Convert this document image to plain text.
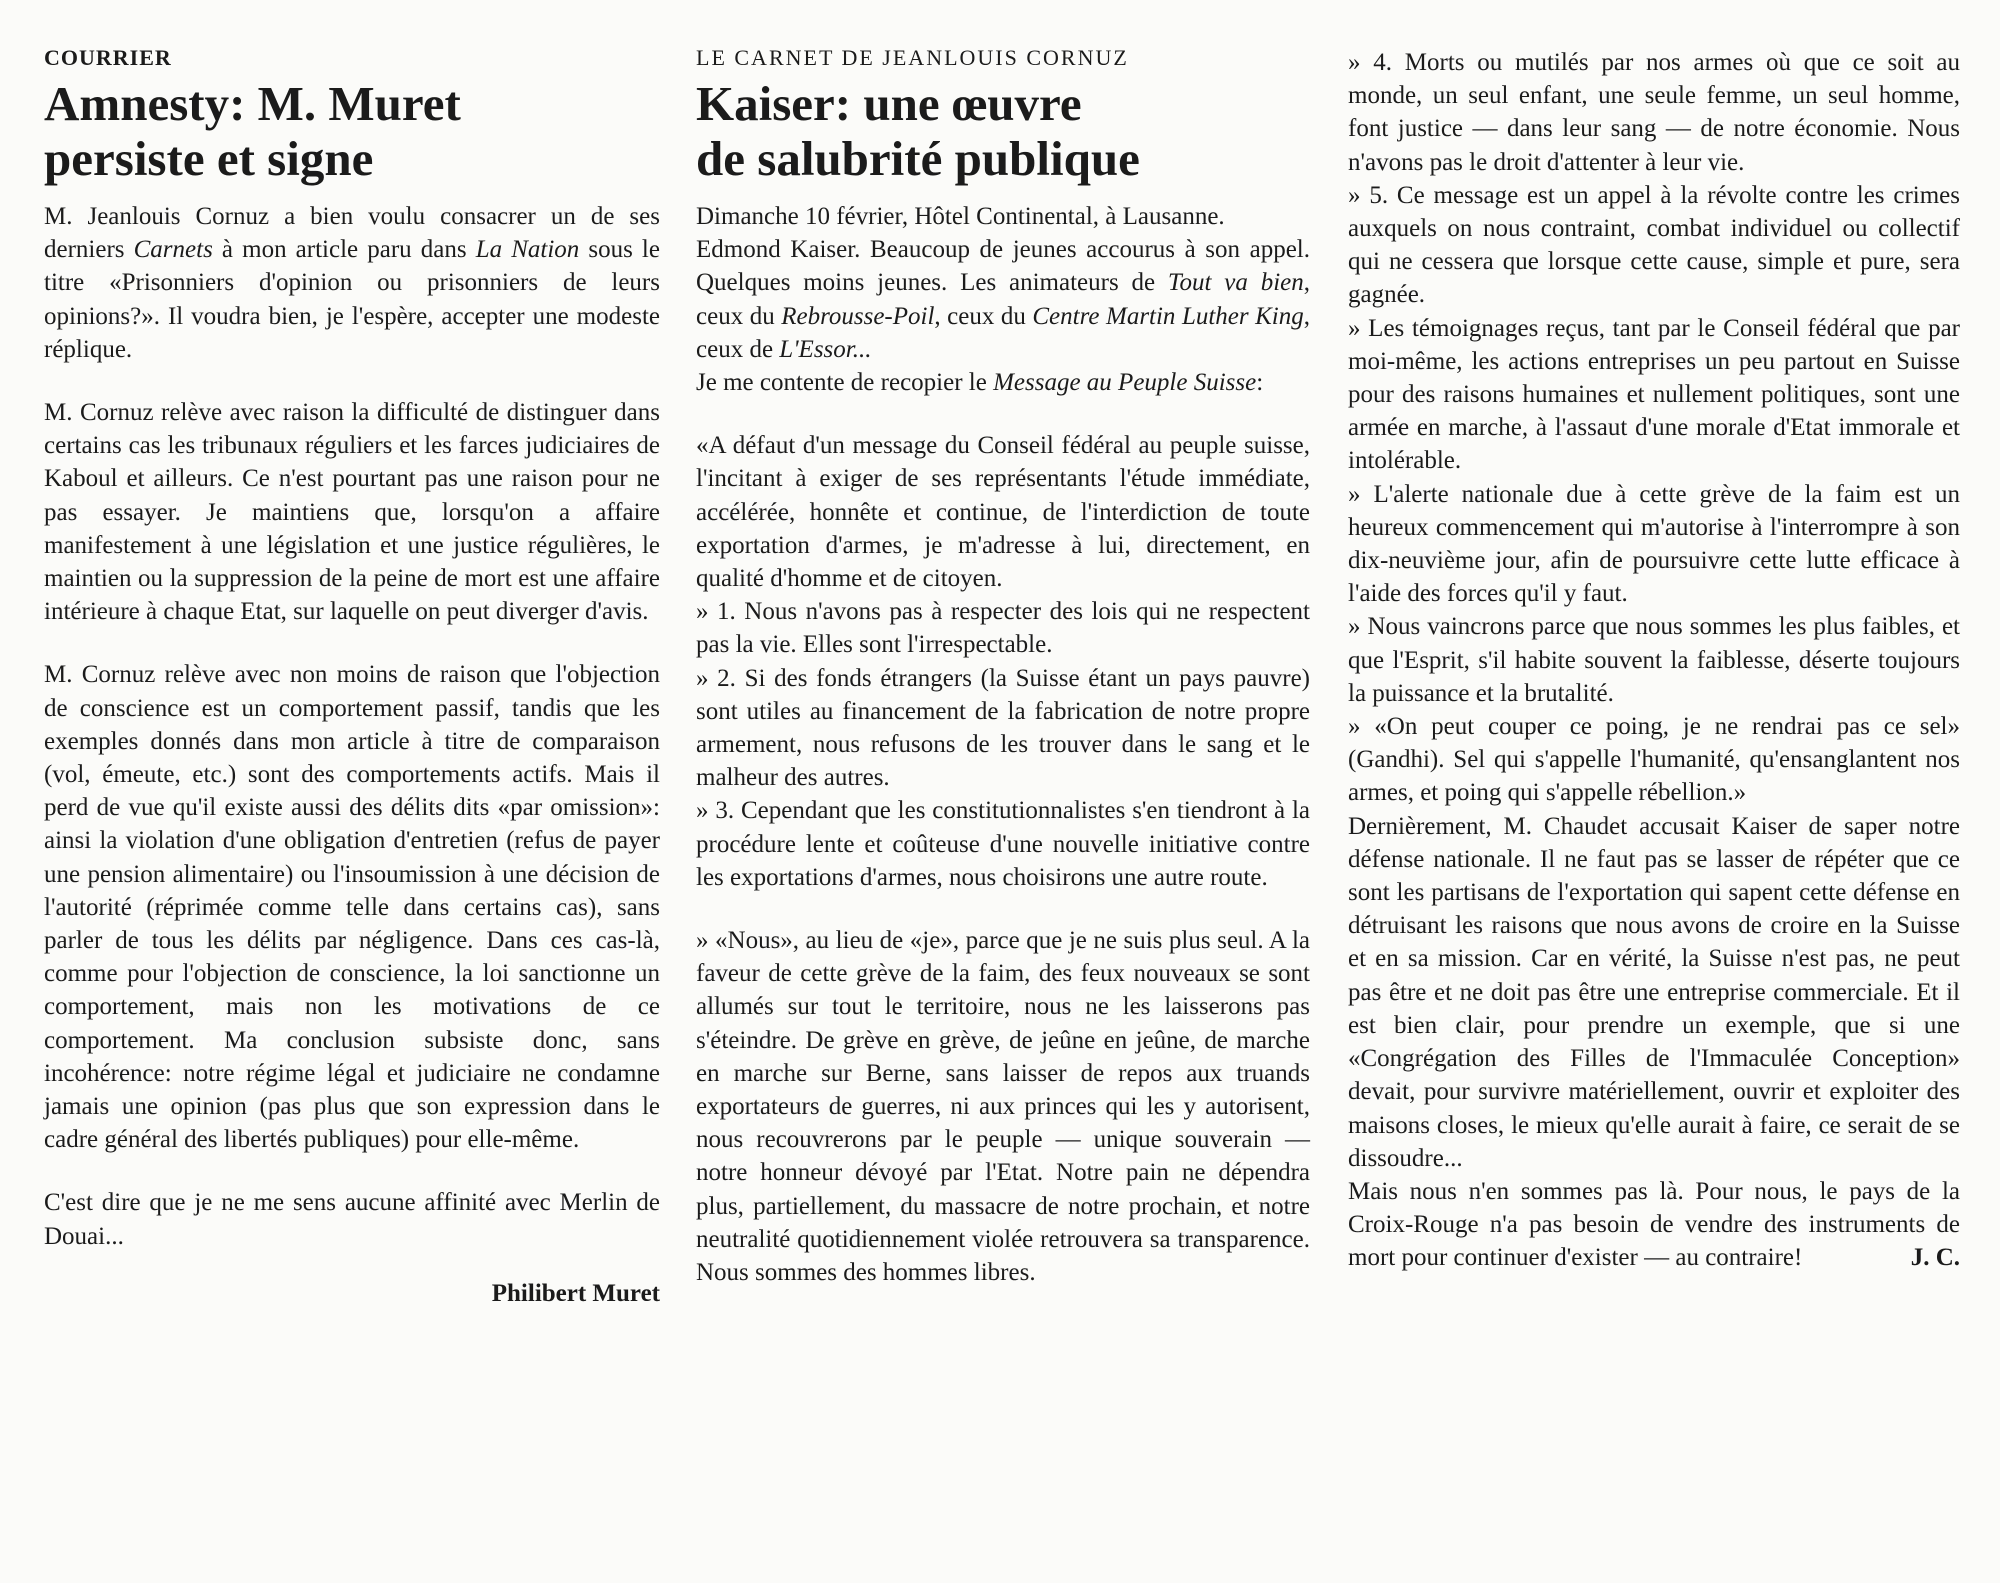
COURRIER
Amnesty: M. Muret
persiste et signe

M. Jeanlouis Cornuz a bien voulu consacrer un de ses derniers Carnets à mon article paru dans La Nation sous le titre «Prisonniers d'opinion ou prisonniers de leurs opinions?». Il voudra bien, je l'espère, accepter une modeste réplique.

M. Cornuz relève avec raison la difficulté de distinguer dans certains cas les tribunaux réguliers et les farces judiciaires de Kaboul et ailleurs. Ce n'est pourtant pas une raison pour ne pas essayer. Je maintiens que, lorsqu'on a affaire manifestement à une législation et une justice régulières, le maintien ou la suppression de la peine de mort est une affaire intérieure à chaque Etat, sur laquelle on peut diverger d'avis.

M. Cornuz relève avec non moins de raison que l'objection de conscience est un comportement passif, tandis que les exemples donnés dans mon article à titre de comparaison (vol, émeute, etc.) sont des comportements actifs. Mais il perd de vue qu'il existe aussi des délits dits «par omission»: ainsi la violation d'une obligation d'entretien (refus de payer une pension alimentaire) ou l'insoumission à une décision de l'autorité (réprimée comme telle dans certains cas), sans parler de tous les délits par négligence. Dans ces cas-là, comme pour l'objection de conscience, la loi sanctionne un comportement, mais non les motivations de ce comportement. Ma conclusion subsiste donc, sans incohérence: notre régime légal et judiciaire ne condamne jamais une opinion (pas plus que son expression dans le cadre général des libertés publiques) pour elle-même.

C'est dire que je ne me sens aucune affinité avec Merlin de Douai...

Philibert Muret
LE CARNET DE JEANLOUIS CORNUZ
Kaiser: une œuvre
de salubrité publique

Dimanche 10 février, Hôtel Continental, à Lausanne.

Edmond Kaiser. Beaucoup de jeunes accourus à son appel. Quelques moins jeunes. Les animateurs de Tout va bien, ceux du Rebrousse-Poil, ceux du Centre Martin Luther King, ceux de L'Essor...

Je me contente de recopier le Message au Peuple Suisse:

«A défaut d'un message du Conseil fédéral au peuple suisse, l'incitant à exiger de ses représentants l'étude immédiate, accélérée, honnête et continue, de l'interdiction de toute exportation d'armes, je m'adresse à lui, directement, en qualité d'homme et de citoyen.

» 1. Nous n'avons pas à respecter des lois qui ne respectent pas la vie. Elles sont l'irrespectable.

» 2. Si des fonds étrangers (la Suisse étant un pays pauvre) sont utiles au financement de la fabrication de notre propre armement, nous refusons de les trouver dans le sang et le malheur des autres.

» 3. Cependant que les constitutionnalistes s'en tiendront à la procédure lente et coûteuse d'une nouvelle initiative contre les exportations d'armes, nous choisirons une autre route.

» «Nous», au lieu de «je», parce que je ne suis plus seul. A la faveur de cette grève de la faim, des feux nouveaux se sont allumés sur tout le territoire, nous ne les laisserons pas s'éteindre. De grève en grève, de jeûne en jeûne, de marche en marche sur Berne, sans laisser de repos aux truands exportateurs de guerres, ni aux princes qui les y autorisent, nous recouvrerons par le peuple — unique souverain — notre honneur dévoyé par l'Etat. Notre pain ne dépendra plus, partiellement, du massacre de notre prochain, et notre neutralité quotidiennement violée retrouvera sa transparence. Nous sommes des hommes libres.

» 4. Morts ou mutilés par nos armes où que ce soit au monde, un seul enfant, une seule femme, un seul homme, font justice — dans leur sang — de notre économie. Nous n'avons pas le droit d'attenter à leur vie.

» 5. Ce message est un appel à la révolte contre les crimes auxquels on nous contraint, combat individuel ou collectif qui ne cessera que lorsque cette cause, simple et pure, sera gagnée.

» Les témoignages reçus, tant par le Conseil fédéral que par moi-même, les actions entreprises un peu partout en Suisse pour des raisons humaines et nullement politiques, sont une armée en marche, à l'assaut d'une morale d'Etat immorale et intolérable.

» L'alerte nationale due à cette grève de la faim est un heureux commencement qui m'autorise à l'interrompre à son dix-neuvième jour, afin de poursuivre cette lutte efficace à l'aide des forces qu'il y faut.

» Nous vaincrons parce que nous sommes les plus faibles, et que l'Esprit, s'il habite souvent la faiblesse, déserte toujours la puissance et la brutalité.

» «On peut couper ce poing, je ne rendrai pas ce sel» (Gandhi). Sel qui s'appelle l'humanité, qu'ensanglantent nos armes, et poing qui s'appelle rébellion.»

Dernièrement, M. Chaudet accusait Kaiser de saper notre défense nationale. Il ne faut pas se lasser de répéter que ce sont les partisans de l'exportation qui sapent cette défense en détruisant les raisons que nous avons de croire en la Suisse et en sa mission. Car en vérité, la Suisse n'est pas, ne peut pas être et ne doit pas être une entreprise commerciale. Et il est bien clair, pour prendre un exemple, que si une «Congrégation des Filles de l'Immaculée Conception» devait, pour survivre matériellement, ouvrir et exploiter des maisons closes, le mieux qu'elle aurait à faire, ce serait de se dissoudre...

Mais nous n'en sommes pas là. Pour nous, le pays de la Croix-Rouge n'a pas besoin de vendre des instruments de mort pour continuer d'exister — au contraire!	J. C.
